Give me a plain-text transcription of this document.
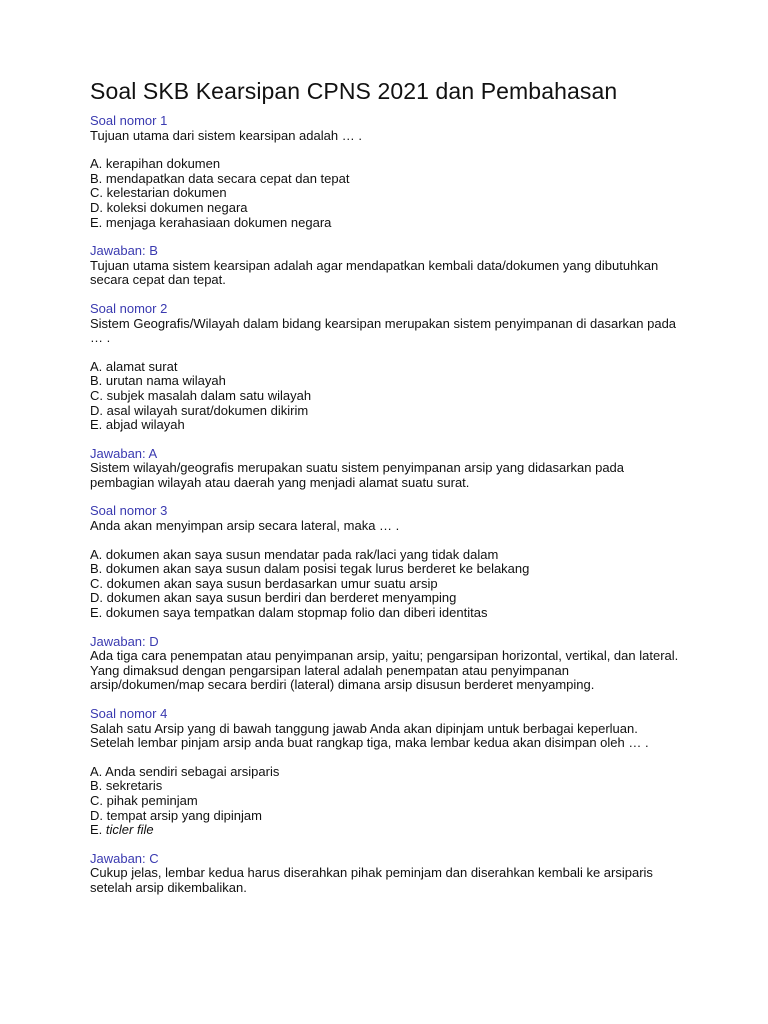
Soal SKB Kearsipan CPNS 2021 dan Pembahasan
Soal nomor 1
Tujuan utama dari sistem kearsipan adalah … .
A. kerapihan dokumen
B. mendapatkan data secara cepat dan tepat
C. kelestarian dokumen
D. koleksi dokumen negara
E. menjaga kerahasiaan dokumen negara
Jawaban: B
Tujuan utama sistem kearsipan adalah agar mendapatkan kembali data/dokumen yang dibutuhkan secara cepat dan tepat.
Soal nomor 2
Sistem Geografis/Wilayah dalam bidang kearsipan merupakan sistem penyimpanan di dasarkan pada … .
A. alamat surat
B. urutan nama wilayah
C. subjek masalah dalam satu wilayah
D. asal wilayah surat/dokumen dikirim
E. abjad wilayah
Jawaban: A
Sistem wilayah/geografis merupakan suatu sistem penyimpanan arsip yang didasarkan pada pembagian wilayah atau daerah yang menjadi alamat suatu surat.
Soal nomor 3
Anda akan menyimpan arsip secara lateral, maka … .
A. dokumen akan saya susun mendatar pada rak/laci yang tidak dalam
B. dokumen akan saya susun dalam posisi tegak lurus berderet ke belakang
C. dokumen akan saya susun berdasarkan umur suatu arsip
D. dokumen akan saya susun berdiri dan berderet menyamping
E. dokumen saya tempatkan dalam stopmap folio dan diberi identitas
Jawaban: D
Ada tiga cara penempatan atau penyimpanan arsip, yaitu; pengarsipan horizontal, vertikal, dan lateral. Yang dimaksud dengan pengarsipan lateral adalah penempatan atau penyimpanan arsip/dokumen/map secara berdiri (lateral) dimana arsip disusun berderet menyamping.
Soal nomor 4
Salah satu Arsip yang di bawah tanggung jawab Anda akan dipinjam untuk berbagai keperluan. Setelah lembar pinjam arsip anda buat rangkap tiga, maka lembar kedua akan disimpan oleh … .
A. Anda sendiri sebagai arsiparis
B. sekretaris
C. pihak peminjam
D. tempat arsip yang dipinjam
E. ticler file
Jawaban: C
Cukup jelas, lembar kedua harus diserahkan pihak peminjam dan diserahkan kembali ke arsiparis setelah arsip dikembalikan.
